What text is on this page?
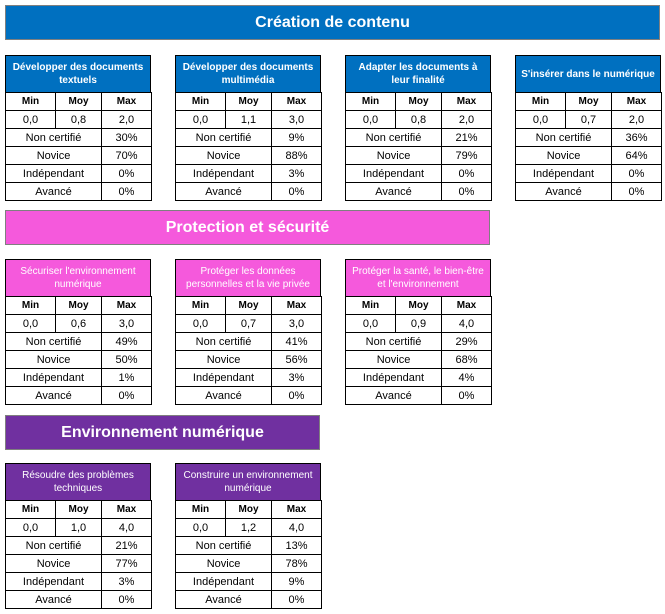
Création de contenu
Protection et sécurité
Environnement numérique
Développer des documents textuels
Min	Moy	Max
0,0	0,8	2,0
Non certifié		30%
Novice		70%
Indépendant		0%
Avancé		0%
Développer des documents multimédia
Min	Moy	Max
0,0	1,1	3,0
Non certifié		9%
Novice		88%
Indépendant		3%
Avancé		0%
Adapter les documents à leur finalité
Min	Moy	Max
0,0	0,8	2,0
Non certifié		21%
Novice		79%
Indépendant		0%
Avancé		0%
S'insérer dans le numérique
Min	Moy	Max
0,0	0,7	2,0
Non certifié		36%
Novice		64%
Indépendant		0%
Avancé		0%
Sécuriser l'environnement numérique
Min	Moy	Max
0,0	0,6	3,0
Non certifié		49%
Novice		50%
Indépendant		1%
Avancé		0%
Protéger les données personnelles et la vie privée
Min	Moy	Max
0,0	0,7	3,0
Non certifié		41%
Novice		56%
Indépendant		3%
Avancé		0%
Protéger la santé, le bien-être et l'environnement
Min	Moy	Max
0,0	0,9	4,0
Non certifié		29%
Novice		68%
Indépendant		4%
Avancé		0%
Résoudre des problèmes techniques
Min	Moy	Max
0,0	1,0	4,0
Non certifié		21%
Novice		77%
Indépendant		3%
Avancé		0%
Construire un environnement numérique
Min	Moy	Max
0,0	1,2	4,0
Non certifié		13%
Novice		78%
Indépendant		9%
Avancé		0%
